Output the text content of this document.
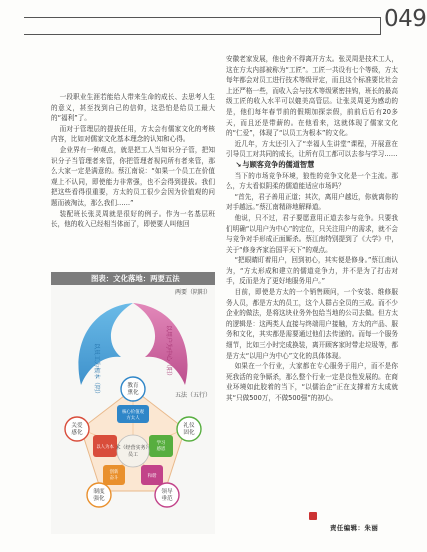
049

一段职业生涯若能给人带来生命的成长、去思考人生的意义，甚至找到自己的信仰，这恐怕是给员工最大的“福利”了。

而对于管理层的提拔任用，方太会有儒家文化的考核内容，比如对儒家文化基本理念的认知和心得。

企业界有一种观点，就是把工人当知识分子管，把知识分子当管理者来管，你把管理者视同所有者来管，那么大家一定是满意的。蔡江南说：“如果一个员工在价值观上不认同，即使能力非常强，也不会得到提拔。我们把这些看得很重要，方太的员工很少会因为价值观的问题而被淘汰，那么我们……”

装配班长张灵周就是很好的例子。作为一名基层班长，他的收入已经相当体面了，即使要人叫他回

图表：文化落地：两要五法
两要（阴阳）
五法（五行）
以员工为根本（阴）	以用户为中心（阳）
教育
熏化
礼仪
固化
领导
垂范
制度
强化
关爱
感化
术（经营实务）
员工
核心价值观
方太人
以人为本
学习
感恩
创新
奋斗	和谐

安徽老家发展，他也舍不得离开方太。张灵周是技术工人，这在方太内部被称为“工匠”。工匠一共设有七个等级，方太每年都会对员工进行技术等级评定，而且这个标准要比社会上还严格一些，而收入会与技术等级紧密挂钩，班长的最高级工匠的收入水平可以媲美高管层。让张灵周更为感动的是，他们每年春节前的假期加探亲假，前前后后有20多天，而且还是带薪的。在他看来，这就体现了儒家文化的“仁爱”，体现了“以员工为根本”的文化。

近几年，方太还引入了“幸福人生讲堂”课程，开展意在引导员工对共同的成长，让所有员工都可以去参与学习……

↘与顾客竞争的儒道智慧

当下的市场竞争环境，狼性的竞争文化是一个主流。那么，方太看似阴柔的儒道能适应市场吗？

“首先，君子善用正道；其次，离用户越近，你就离你的对手越远。”蔡江南精辟地解释道。

他说，只不过，君子要愿意用正道去参与竞争。只要我们明确“以用户为中心”的定位，只关注用户的需求，就不会与竞争对手形成正面厮杀。蔡江南特别提到了《大学》中，关于“修身齐家治国平天下”的观点。

“把眼睛盯着用户，回到初心，其实便是修身。”蔡江南认为，“方太形成和建立的儒道竞争力，并不是为了打击对手，反而是为了更好地服务用户。”

目前，即使是方太的一个销售顾问，一个安装、维修服务人员，都是方太的员工，这个人群占全员的三成。而不少企业的做法，是将这块业务外包给当地的公司去做。但方太的逻辑是：这两类人直接与终端用户接触，方太的产品、服务和文化，其实都是需要通过他们去传递的。而每一个服务细节，比如三小时完成换装，离开顾客家时带走垃圾等，都是方太“以用户为中心”文化的具体体现。

如果在一个行业，大家都在专心服务于用户，而不是你死我活的竞争厮杀，那么整个行业一定是良性发展的。在商业环境如此胶着的当下，“以儒治企”正在支撑着方太成就其“只做500万，不做500强”的初心。

责任编辑：朱丽
